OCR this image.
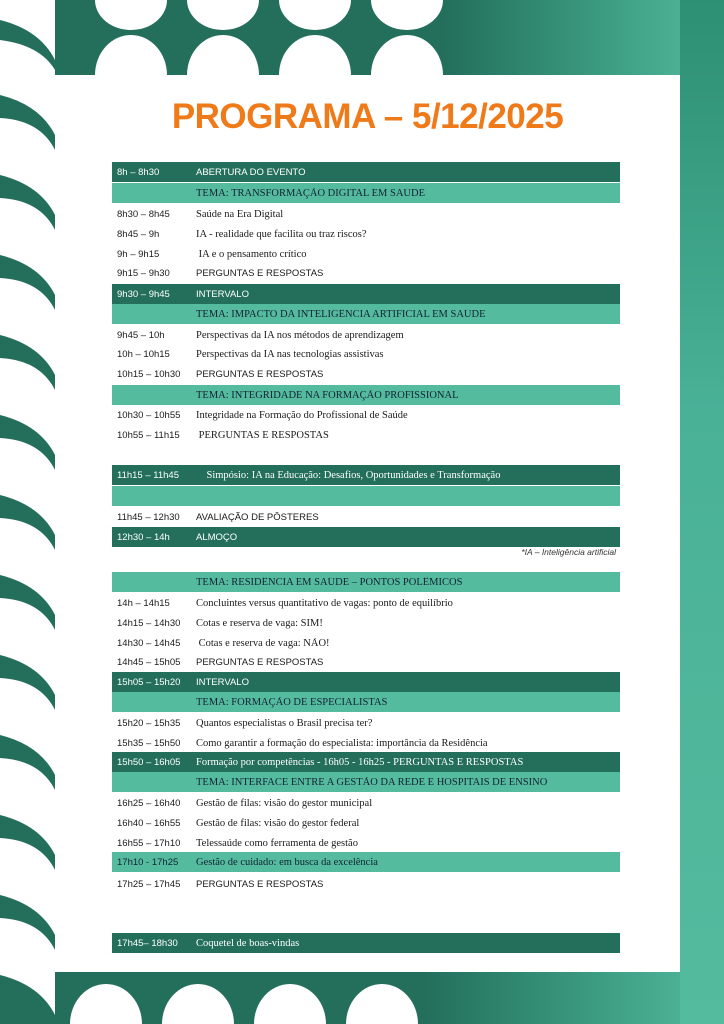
PROGRAMA – 5/12/2025
8h – 8h30	ABERTURA DO EVENTO
TEMA: TRANSFORMAÇÃO DIGITAL EM SAÚDE
8h30 – 8h45	Saúde na Era Digital
8h45 – 9h	IA - realidade que facilita ou traz riscos?
9h – 9h15	IA e o pensamento crítico
9h15 – 9h30	PERGUNTAS E RESPOSTAS
9h30 – 9h45	INTERVALO
TEMA: IMPACTO DA INTELIGÊNCIA ARTIFICIAL EM SAÚDE
9h45 – 10h	Perspectivas da IA nos métodos de aprendizagem
10h – 10h15	Perspectivas da IA nas tecnologias assistivas
10h15 – 10h30	PERGUNTAS E RESPOSTAS
TEMA: INTEGRIDADE NA FORMAÇÃO PROFISSIONAL
10h30 – 10h55	Integridade na Formação do Profissional de Saúde
10h55 – 11h15	PERGUNTAS E RESPOSTAS
11h15 – 11h45	Simpósio: IA na Educação: Desafios, Oportunidades e Transformação
11h45 – 12h30	AVALIAÇÃO DE PÔSTERES
12h30 – 14h	ALMOÇO
TEMA: RESIDÊNCIA EM SAÚDE – PONTOS POLÊMICOS
14h – 14h15	Concluintes versus quantitativo de vagas: ponto de equilíbrio
14h15 – 14h30	Cotas e reserva de vaga: SIM!
14h30 – 14h45	Cotas e reserva de vaga: NÃO!
14h45 – 15h05	PERGUNTAS E RESPOSTAS
15h05 – 15h20	INTERVALO
TEMA: FORMAÇÃO DE ESPECIALISTAS
15h20 – 15h35	Quantos especialistas o Brasil precisa ter?
15h35 – 15h50	Como garantir a formação do especialista: importância da Residência
15h50 – 16h05	Formação por competências - 16h05 - 16h25 - PERGUNTAS E RESPOSTAS
TEMA: INTERFACE ENTRE A GESTÃO DA REDE E HOSPITAIS DE ENSINO
16h25 – 16h40	Gestão de filas: visão do gestor municipal
16h40 – 16h55	Gestão de filas: visão do gestor federal
16h55 – 17h10	Telessaúde como ferramenta de gestão
17h10 - 17h25	Gestão de cuidado: em busca da excelência
17h25 – 17h45	PERGUNTAS E RESPOSTAS
17h45– 18h30	Coquetel de boas-vindas
*IA – Inteligência artificial
